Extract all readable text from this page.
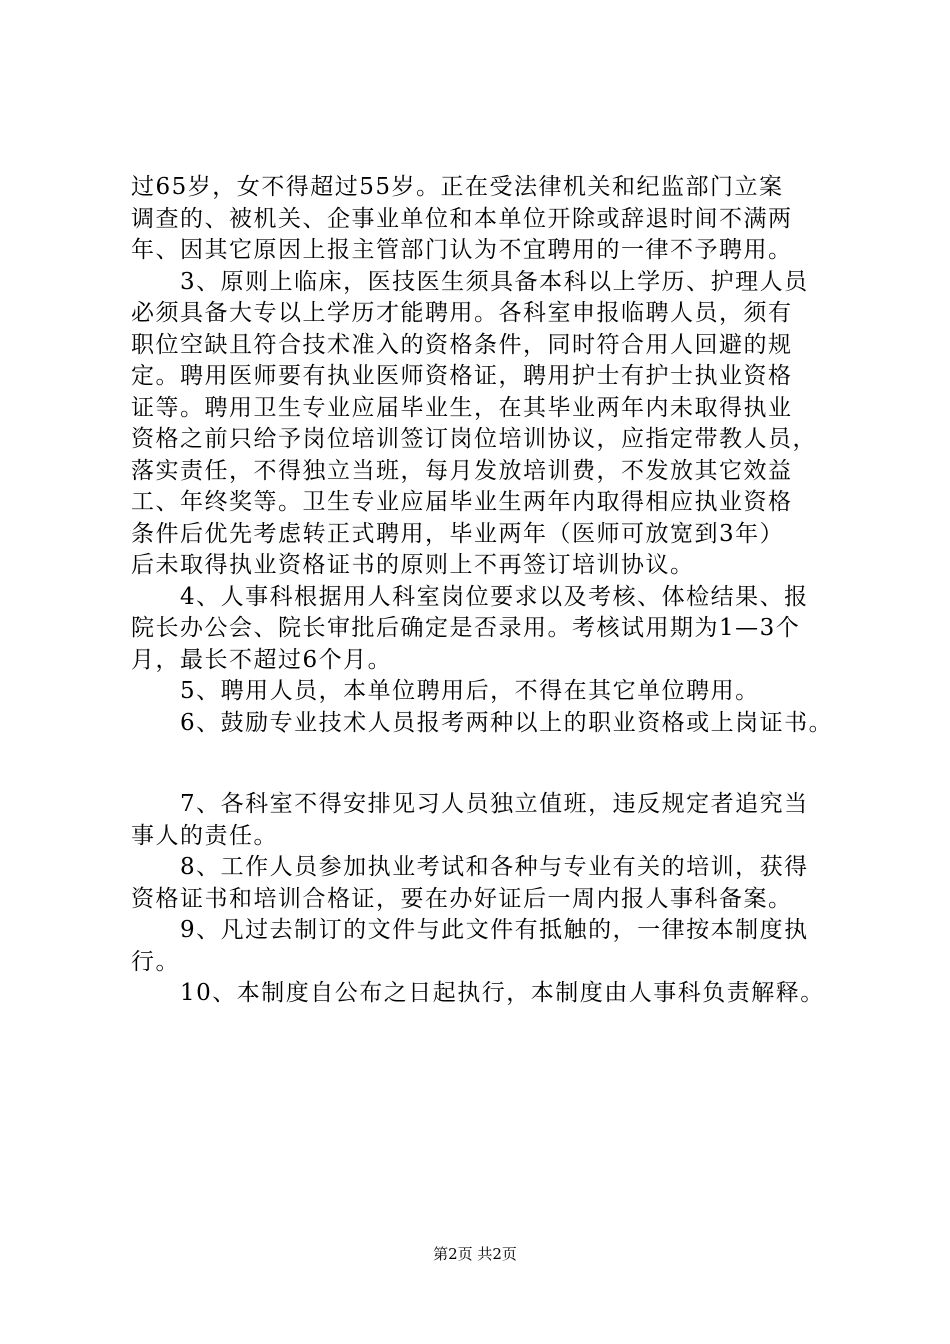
过65岁，女不得超过55岁。正在受法律机关和纪监部门立案
调查的、被机关、企事业单位和本单位开除或辞退时间不满两
年、因其它原因上报主管部门认为不宜聘用的一律不予聘用。
　　3、原则上临床，医技医生须具备本科以上学历、护理人员
必须具备大专以上学历才能聘用。各科室申报临聘人员，须有
职位空缺且符合技术准入的资格条件，同时符合用人回避的规
定。聘用医师要有执业医师资格证，聘用护士有护士执业资格
证等。聘用卫生专业应届毕业生，在其毕业两年内未取得执业
资格之前只给予岗位培训签订岗位培训协议，应指定带教人员，
落实责任，不得独立当班，每月发放培训费，不发放其它效益
工、年终奖等。卫生专业应届毕业生两年内取得相应执业资格
条件后优先考虑转正式聘用，毕业两年（医师可放宽到3年）
后未取得执业资格证书的原则上不再签订培训协议。
　　4、人事科根据用人科室岗位要求以及考核、体检结果、报
院长办公会、院长审批后确定是否录用。考核试用期为1—3个
月，最长不超过6个月。
　　5、聘用人员，本单位聘用后，不得在其它单位聘用。
　　6、鼓励专业技术人员报考两种以上的职业资格或上岗证书。
　　7、各科室不得安排见习人员独立值班，违反规定者追究当
事人的责任。
　　8、工作人员参加执业考试和各种与专业有关的培训，获得
资格证书和培训合格证，要在办好证后一周内报人事科备案。
　　9、凡过去制订的文件与此文件有抵触的，一律按本制度执
行。
　　10、本制度自公布之日起执行，本制度由人事科负责解释。
第2页 共2页
